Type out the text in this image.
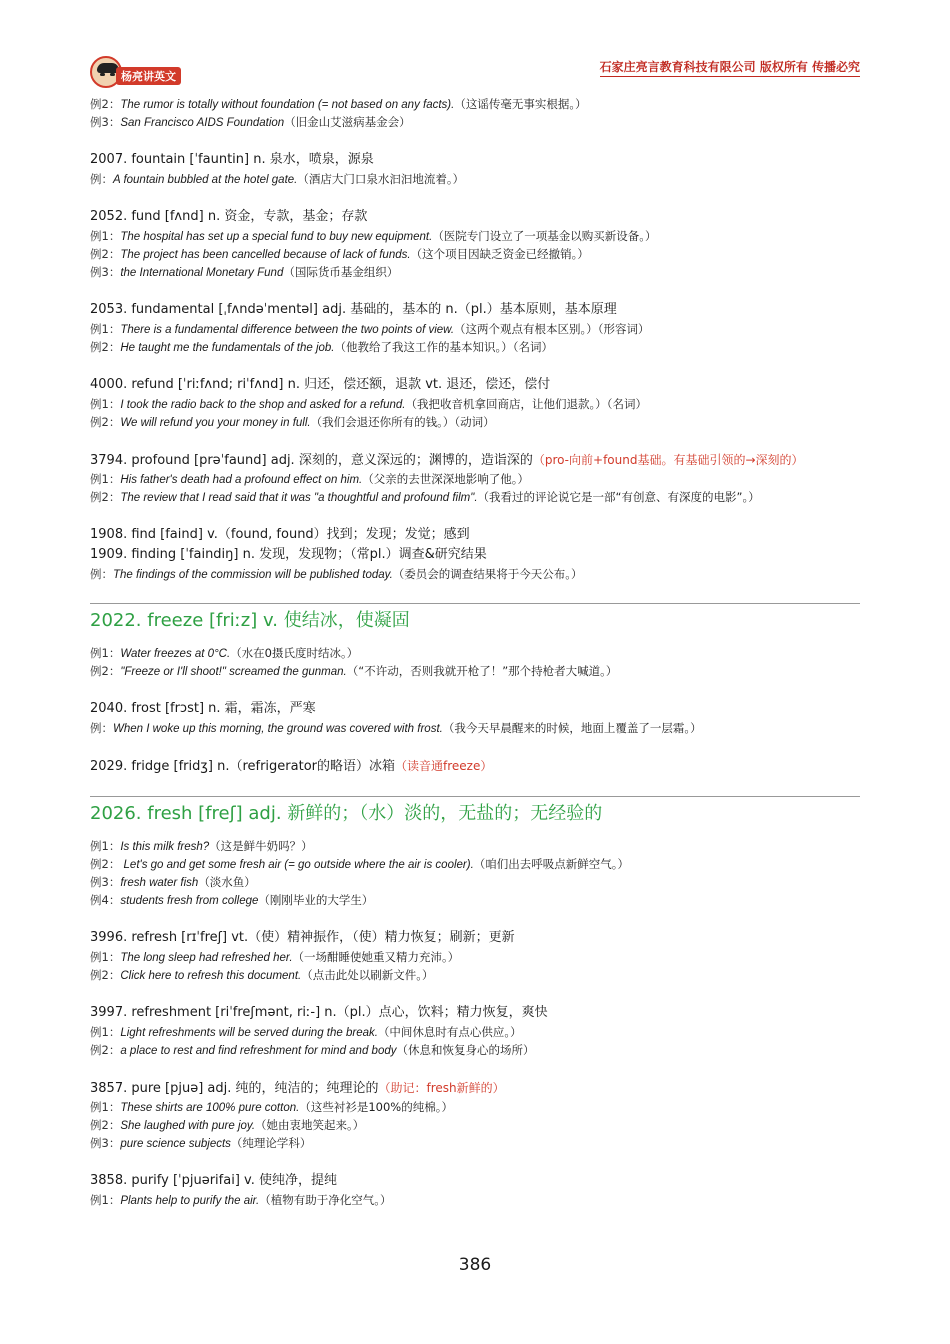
杨亮讲英文
石家庄亮言教育科技有限公司 版权所有 传播必究
例2：The rumor is totally without foundation (= not based on any facts).（这谣传毫无事实根据。）
例3：San Francisco AIDS Foundation（旧金山艾滋病基金会）
2007. fountain [ˈfauntin] n. 泉水，喷泉，源泉
例：A fountain bubbled at the hotel gate.（酒店大门口泉水汩汩地流着。）
2052. fund [fʌnd] n. 资金，专款，基金；存款
例1：The hospital has set up a special fund to buy new equipment.（医院专门设立了一项基金以购买新设备。）
例2：The project has been cancelled because of lack of funds.（这个项目因缺乏资金已经撤销。）
例3：the International Monetary Fund（国际货币基金组织）
2053. fundamental [ˌfʌndəˈmentəl] adj. 基础的，基本的 n.（pl.）基本原则，基本原理
例1：There is a fundamental difference between the two points of view.（这两个观点有根本区别。）（形容词）
例2：He taught me the fundamentals of the job.（他教给了我这工作的基本知识。）（名词）
4000. refund [ˈriːfʌnd; riˈfʌnd] n. 归还，偿还额，退款 vt. 退还，偿还，偿付
例1：I took the radio back to the shop and asked for a refund.（我把收音机拿回商店，让他们退款。）（名词）
例2：We will refund you your money in full.（我们会退还你所有的钱。）（动词）
3794. profound [prəˈfaund] adj. 深刻的，意义深远的；渊博的，造诣深的（pro-向前+found基础。有基础引领的→深刻的）
例1：His father's death had a profound effect on him.（父亲的去世深深地影响了他。）
例2：The review that I read said that it was "a thoughtful and profound film".（我看过的评论说它是一部“有创意、有深度的电影”。）
1908. find [faind] v.（found, found）找到；发现；发觉；感到
1909. finding [ˈfaindiŋ] n. 发现，发现物；（常pl.）调查&研究结果
例：The findings of the commission will be published today.（委员会的调查结果将于今天公布。）
2022. freeze [friːz] v. 使结冰，使凝固
例1：Water freezes at 0°C.（水在0摄氏度时结冰。）
例2："Freeze or I'll shoot!" screamed the gunman.（“不许动，否则我就开枪了！”那个持枪者大喊道。）
2040. frost [frɔst] n. 霜，霜冻，严寒
例：When I woke up this morning, the ground was covered with frost.（我今天早晨醒来的时候，地面上覆盖了一层霜。）
2029. fridge [fridʒ] n.（refrigerator的略语）冰箱（读音通freeze）
2026. fresh [freʃ] adj. 新鲜的；（水）淡的，无盐的；无经验的
例1：Is this milk fresh?（这是鲜牛奶吗？）
例2： Let's go and get some fresh air (= go outside where the air is cooler).（咱们出去呼吸点新鲜空气。）
例3：fresh water fish（淡水鱼）
例4：students fresh from college（刚刚毕业的大学生）
3996. refresh [rɪˈfreʃ] vt.（使）精神振作，（使）精力恢复；刷新；更新
例1：The long sleep had refreshed her.（一场酣睡使她重又精力充沛。）
例2：Click here to refresh this document.（点击此处以刷新文件。）
3997. refreshment [riˈfreʃmənt, riː-] n.（pl.）点心，饮料；精力恢复，爽快
例1：Light refreshments will be served during the break.（中间休息时有点心供应。）
例2：a place to rest and find refreshment for mind and body（休息和恢复身心的场所）
3857. pure [pjuə] adj. 纯的，纯洁的；纯理论的（助记：fresh新鲜的）
例1：These shirts are 100% pure cotton.（这些衬衫是100%的纯棉。）
例2：She laughed with pure joy.（她由衷地笑起来。）
例3：pure science subjects（纯理论学科）
3858. purify [ˈpjuərifai] v. 使纯净，提纯
例1：Plants help to purify the air.（植物有助于净化空气。）
386
